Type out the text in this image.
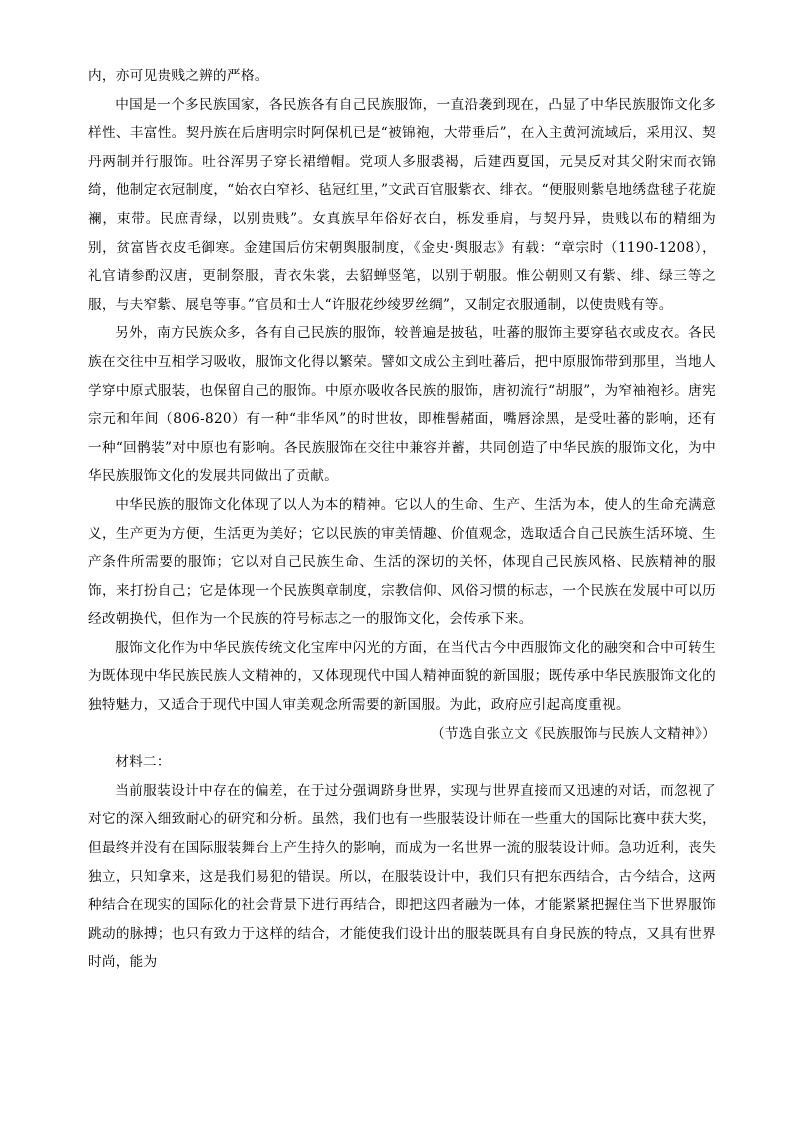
内，亦可见贵贱之辨的严格。

中国是一个多民族国家，各民族各有自己民族服饰，一直沿袭到现在，凸显了中华民族服饰文化多样性、丰富性。契丹族在后唐明宗时阿保机已是“被锦袍，大带垂后”，在入主黄河流域后，采用汉、契丹两制并行服饰。吐谷浑男子穿长裙缯帽。党项人多服裘褐，后建西夏国，元昊反对其父附宋而衣锦绮，他制定衣冠制度，“始衣白窄衫、毡冠红里，”文武百官服紫衣、绯衣。“便服则紫皂地绣盘毬子花旋襕，束带。民庶青绿，以别贵贱”。女真族早年俗好衣白，栎发垂肩，与契丹异，贵贱以布的精细为别，贫富皆衣皮毛御寒。金建国后仿宋朝舆服制度，《金史·舆服志》有载：“章宗时（1190-1208），礼官请参酌汉唐，更制祭服，青衣朱裳，去貂蝉竖笔，以别于朝服。惟公朝则又有紫、绯、绿三等之服，与夫窄紫、展皂等事。”官员和士人“许服花纱绫罗丝绸”，又制定衣服通制，以使贵贱有等。

另外，南方民族众多，各有自己民族的服饰，较普遍是披毡，吐蕃的服饰主要穿毡衣或皮衣。各民族在交往中互相学习吸收，服饰文化得以繁荣。譬如文成公主到吐蕃后，把中原服饰带到那里，当地人学穿中原式服装，也保留自己的服饰。中原亦吸收各民族的服饰，唐初流行“胡服”，为窄袖袍衫。唐宪宗元和年间（806-820）有一种“非华风”的时世妆，即椎髻赭面，嘴唇涂黑，是受吐蕃的影响，还有一种“回鹘装”对中原也有影响。各民族服饰在交往中兼容并蓄，共同创造了中华民族的服饰文化，为中华民族服饰文化的发展共同做出了贡献。

中华民族的服饰文化体现了以人为本的精神。它以人的生命、生产、生活为本，使人的生命充满意义，生产更为方便，生活更为美好；它以民族的审美情趣、价值观念，选取适合自己民族生活环境、生产条件所需要的服饰；它以对自己民族生命、生活的深切的关怀，体现自己民族风格、民族精神的服饰，来打扮自己；它是体现一个民族舆章制度，宗教信仰、风俗习惯的标志，一个民族在发展中可以历经改朝换代，但作为一个民族的符号标志之一的服饰文化，会传承下来。

服饰文化作为中华民族传统文化宝库中闪光的方面，在当代古今中西服饰文化的融突和合中可转生为既体现中华民族民族人文精神的，又体现现代中国人精神面貌的新国服；既传承中华民族服饰文化的独特魅力，又适合于现代中国人审美观念所需要的新国服。为此，政府应引起高度重视。

（节选自张立文《民族服饰与民族人文精神》）

材料二：

当前服装设计中存在的偏差，在于过分强调跻身世界，实现与世界直接而又迅速的对话，而忽视了对它的深入细致耐心的研究和分析。虽然，我们也有一些服装设计师在一些重大的国际比赛中获大奖，但最终并没有在国际服装舞台上产生持久的影响，而成为一名世界一流的服装设计师。急功近利，丧失独立，只知拿来，这是我们易犯的错误。所以，在服装设计中，我们只有把东西结合，古今结合，这两种结合在现实的国际化的社会背景下进行再结合，即把这四者融为一体，才能紧紧把握住当下世界服饰跳动的脉搏；也只有致力于这样的结合，才能使我们设计出的服装既具有自身民族的特点，又具有世界时尚，能为
